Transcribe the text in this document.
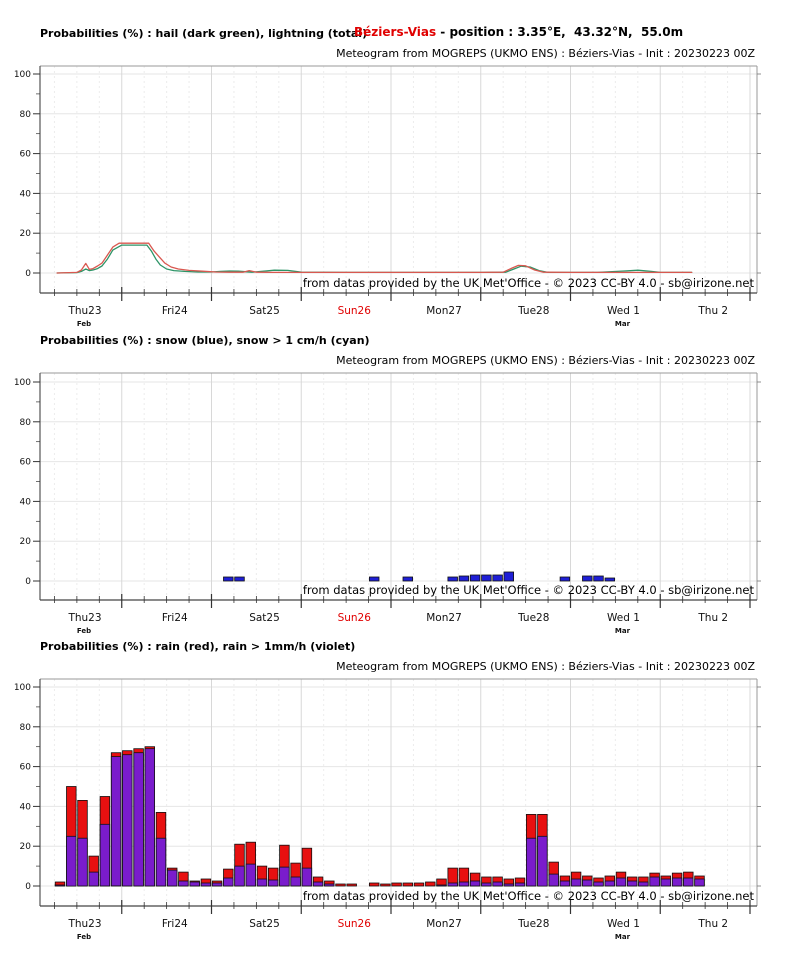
0
20
40
60
80
100
Thu23
Feb
Fri24	Sat25	Sun26	Mon27	Tue28	Wed 1
Mar
Thu 2
0
20
40
60
80
100
Thu23
Feb
Fri24	Sat25	Sun26	Mon27	Tue28	Wed 1
Mar
Thu 2
0
20
40
60
80
100
Thu23
Feb
Fri24	Sat25	Sun26	Mon27	Tue28	Wed 1
Mar
Thu 2
Probabilities (%) : hail (dark green), lightning (total)
Béziers-Vias - position : 3.35°E,  43.32°N,  55.0m
Meteogram from MOGREPS (UKMO ENS) : Béziers-Vias - Init : 20230223 00Z
from datas provided by the UK Met'Office - © 2023 CC-BY 4.0 - sb@irizone.net
Probabilities (%) : snow (blue), snow > 1 cm/h (cyan)
Meteogram from MOGREPS (UKMO ENS) : Béziers-Vias - Init : 20230223 00Z
from datas provided by the UK Met'Office - © 2023 CC-BY 4.0 - sb@irizone.net
Probabilities (%) : rain (red), rain > 1mm/h (violet)
Meteogram from MOGREPS (UKMO ENS) : Béziers-Vias - Init : 20230223 00Z
from datas provided by the UK Met'Office - © 2023 CC-BY 4.0 - sb@irizone.net
